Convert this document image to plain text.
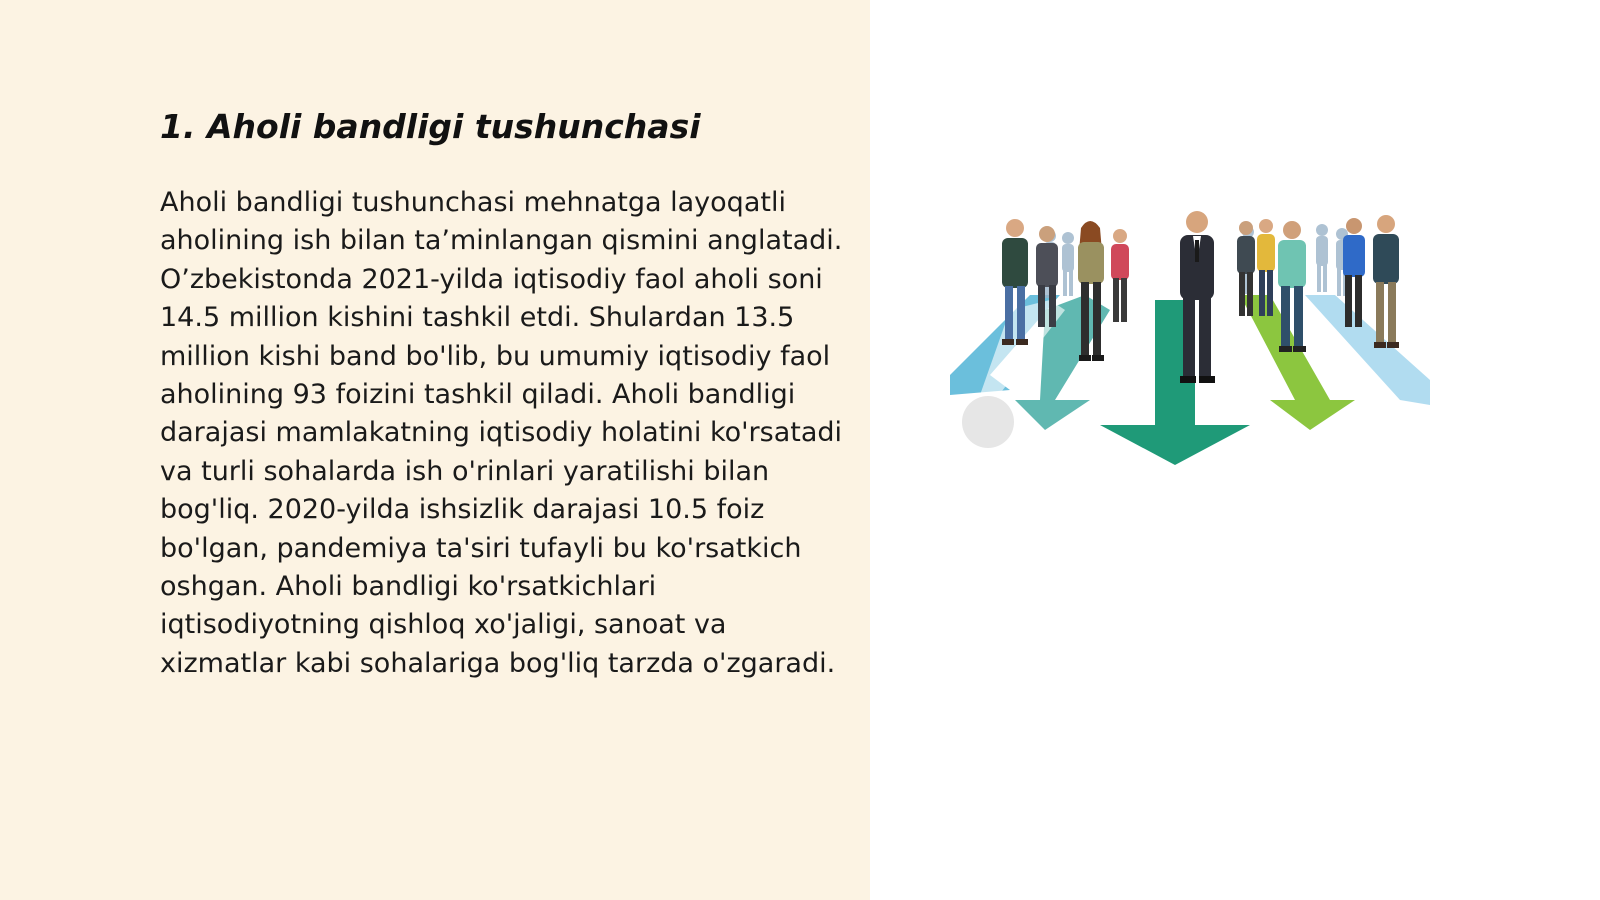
1. Aholi bandligi tushunchasi

Aholi bandligi tushunchasi mehnatga layoqatli aholining ish bilan ta’minlangan qismini anglatadi. O’zbekistonda 2021-yilda iqtisodiy faol aholi soni 14.5 million kishini tashkil etdi. Shulardan 13.5 million kishi band bo'lib, bu umumiy iqtisodiy faol aholining 93 foizini tashkil qiladi. Aholi bandligi darajasi mamlakatning iqtisodiy holatini ko'rsatadi va turli sohalarda ish o'rinlari yaratilishi bilan bog'liq. 2020-yilda ishsizlik darajasi 10.5 foiz bo'lgan, pandemiya ta'siri tufayli bu ko'rsatkich oshgan. Aholi bandligi ko'rsatkichlari iqtisodiyotning qishloq xo'jaligi, sanoat va xizmatlar kabi sohalariga bog'liq tarzda o'zgaradi.
